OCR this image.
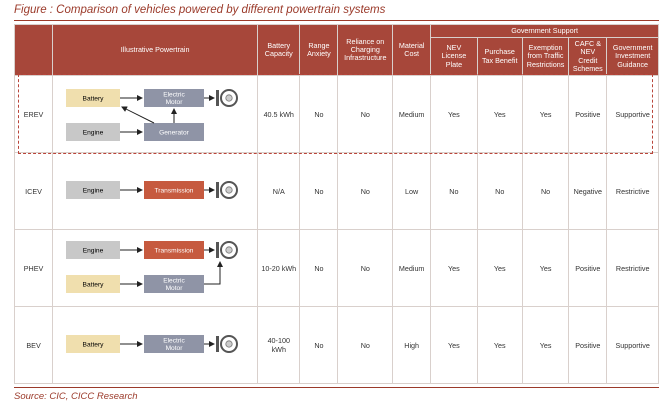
Figure : Comparison of vehicles powered by different powertrain systems
	Illustrative Powertrain	Battery Capacity	Range Anxiety	Reliance on Charging Infrastructure	Material Cost	Government Support				
						NEV License Plate	Purchase Tax Benefit	Exemption from Traffic Restrictions	CAFC & NEV Credit Schemes	Government Investment Guidance
EREV	Battery
Electric Motor
Engine Generator	40.5 kWh	No	No	Medium	Yes	Yes	Yes	Positive	Supportive
ICEV	Engine Transmission	N/A	No	No	Low	No	No	No	Negative	Restrictive
PHEV	Engine Transmission
Battery
Electric Motor	10-20 kWh	No	No	Medium	Yes	Yes	Yes	Positive	Restrictive
BEV	Battery
Electric Motor	40-100 kWh	No	No	High	Yes	Yes	Yes	Positive	Supportive
Source: CIC, CICC Research
